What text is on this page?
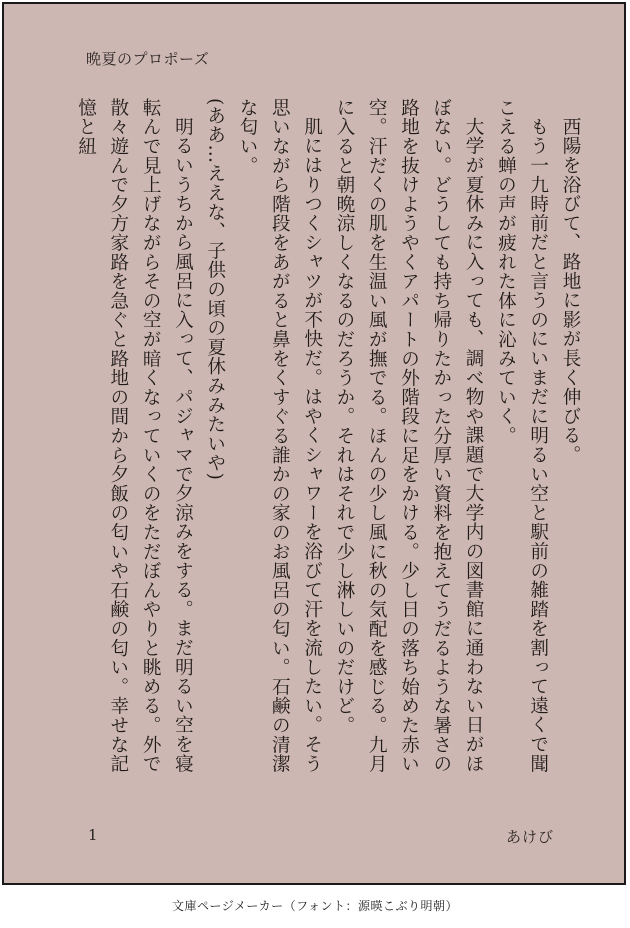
晩夏のプロポーズ

西陽を浴びて、路地に影が長く伸びる。

もう一九時前だと言うのにいまだに明るい空と駅前の雑踏を割って遠くで聞こえる蝉の声が疲れた体に沁みていく。

大学が夏休みに入っても、調べ物や課題で大学内の図書館に通わない日がほぼない。どうしても持ち帰りたかった分厚い資料を抱えてうだるような暑さの路地を抜けようやくアパートの外階段に足をかける。少し日の落ち始めた赤い空。汗だくの肌を生温い風が撫でる。ほんの少し風に秋の気配を感じる。九月に入ると朝晩涼しくなるのだろうか。それはそれで少し淋しいのだけど。

肌にはりつくシャツが不快だ。はやくシャワーを浴びて汗を流したい。そう思いながら階段をあがると鼻をくすぐる誰かの家のお風呂の匂い。石鹸の清潔な匂い。

(ああ…ええな、子供の頃の夏休みみたいや)

明るいうちから風呂に入って、パジャマで夕涼みをする。まだ明るい空を寝転んで見上げながらその空が暗くなっていくのをただぼんやりと眺める。外で散々遊んで夕方家路を急ぐと路地の間から夕飯の匂いや石鹸の匂い。幸せな記憶と紐

1	あけび
文庫ページメーカー（フォント：源暎こぶり明朝）
